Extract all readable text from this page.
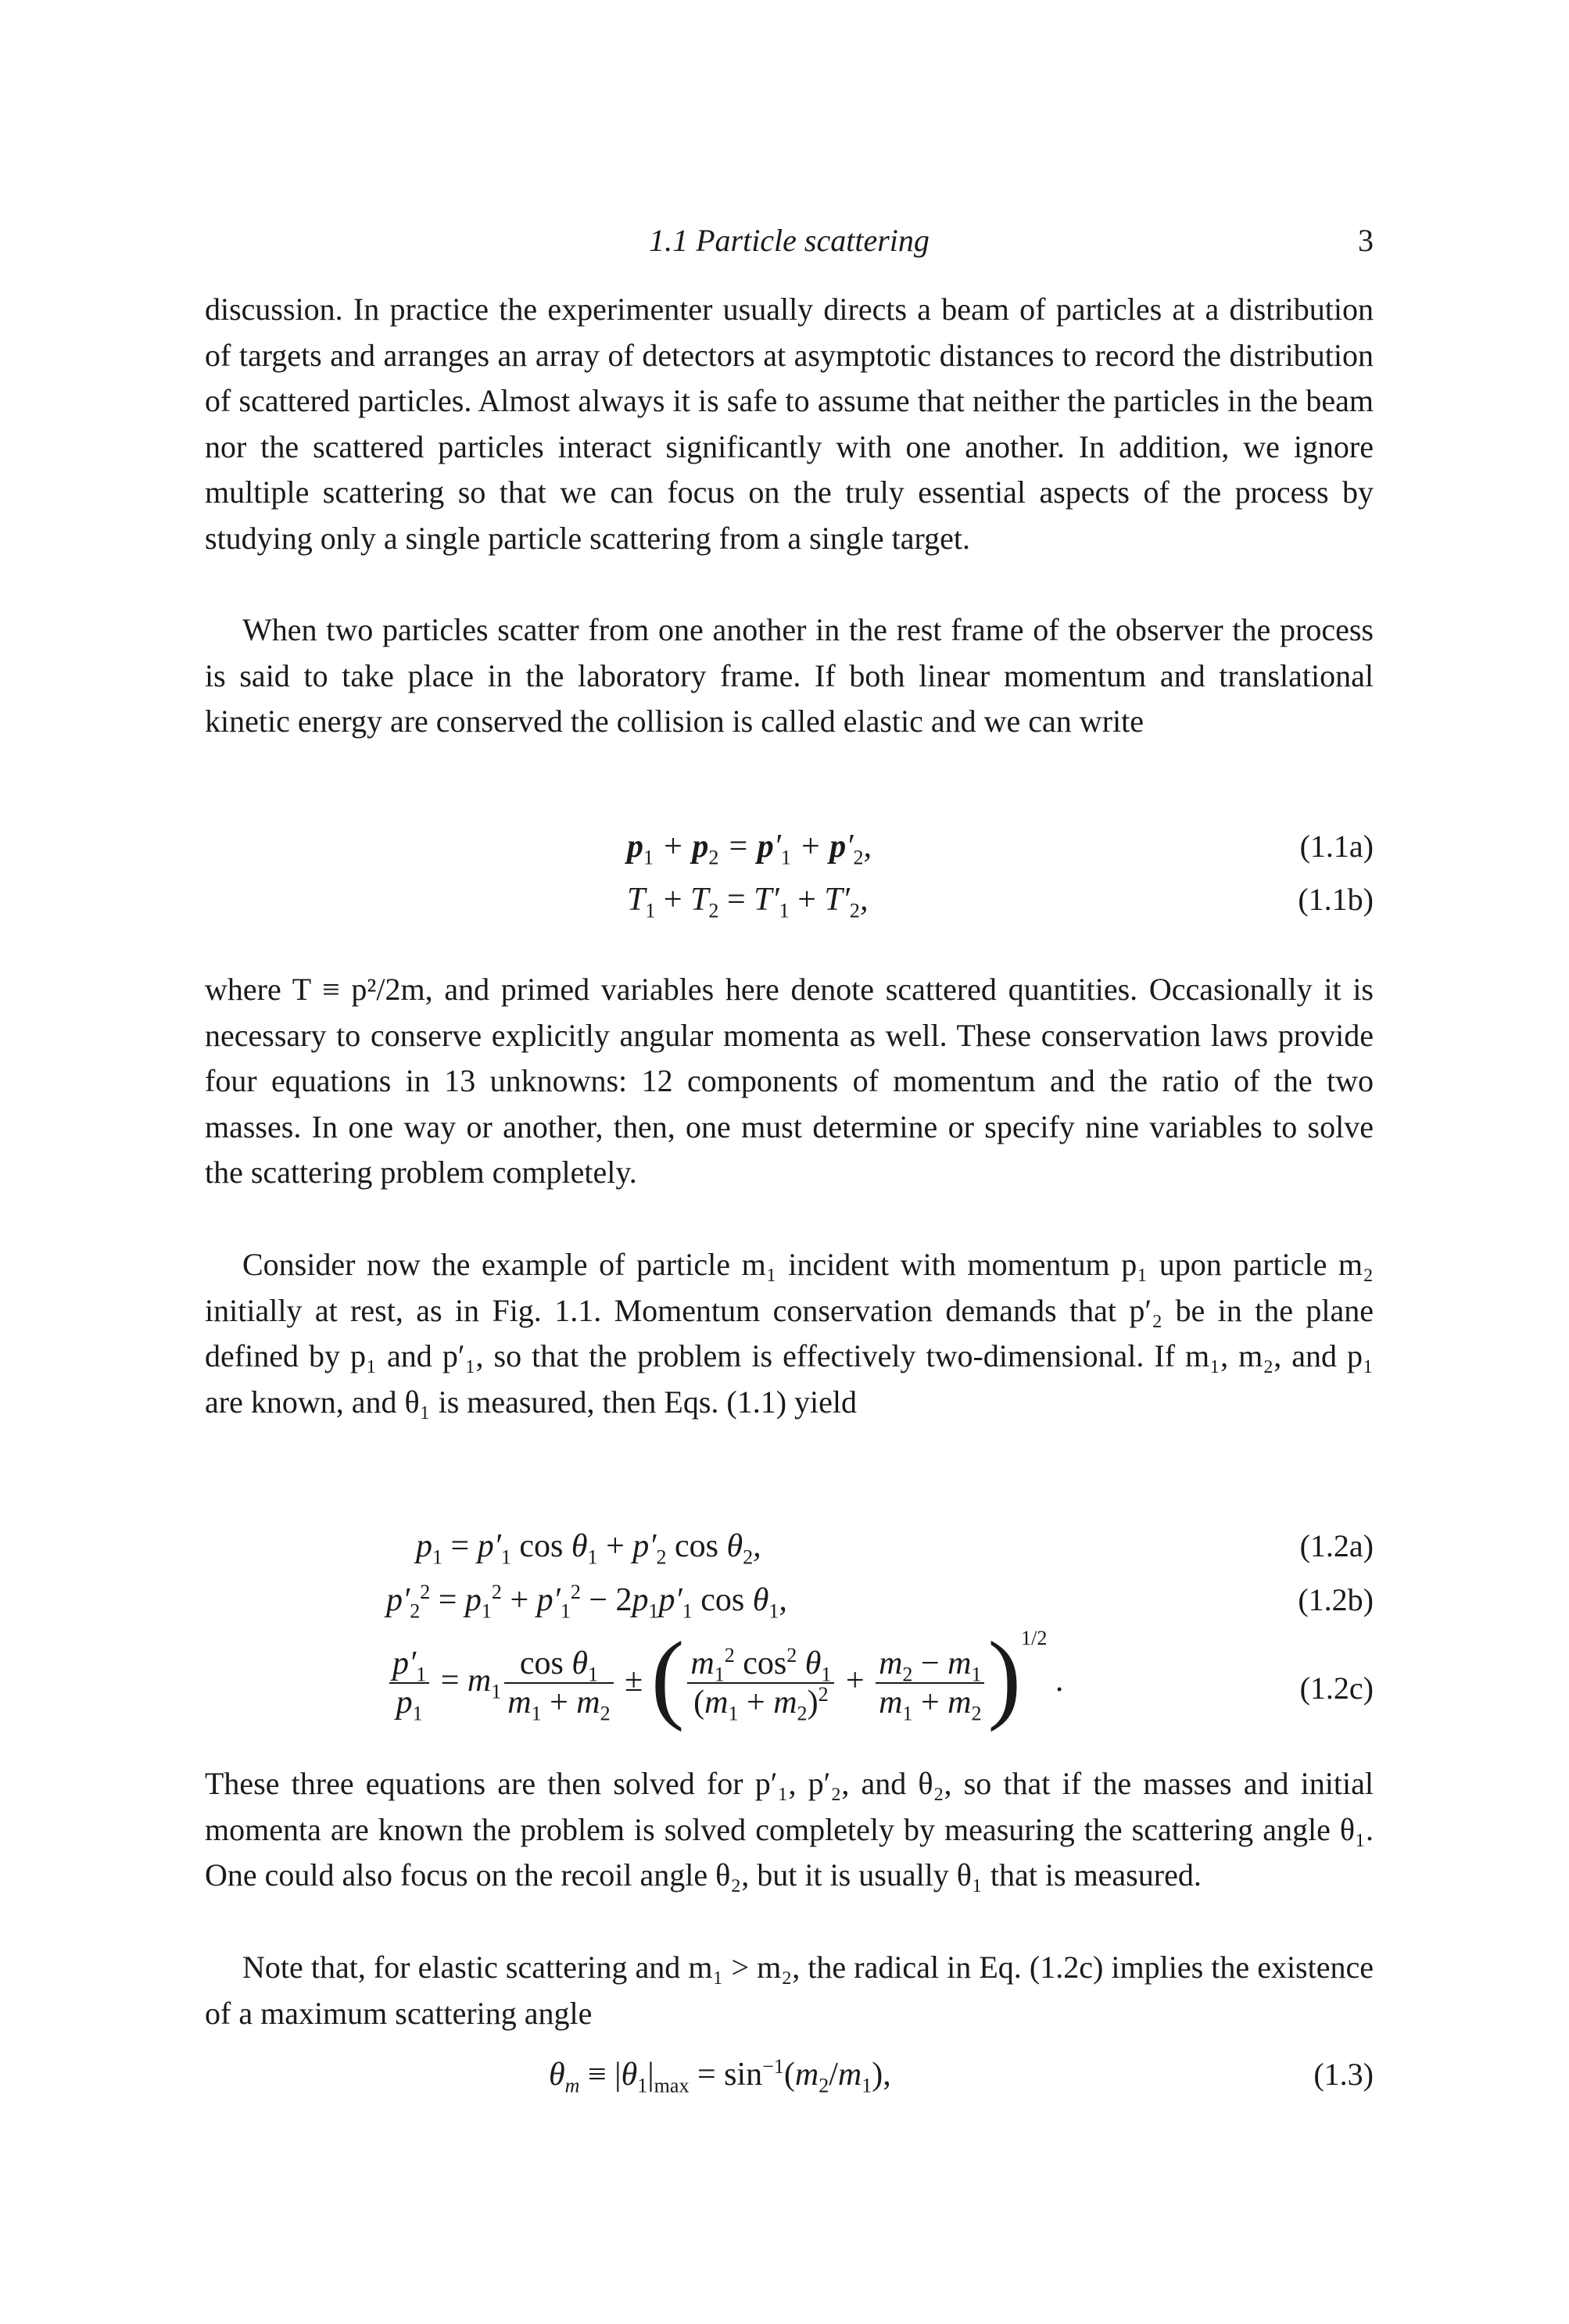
1.1 Particle scattering	3

discussion. In practice the experimenter usually directs a beam of particles at a distribution of targets and arranges an array of detectors at asymptotic distances to record the distribution of scattered particles. Almost always it is safe to assume that neither the particles in the beam nor the scattered particles interact significantly with one another. In addition, we ignore multiple scattering so that we can focus on the truly essential aspects of the process by studying only a single particle scattering from a single target.

When two particles scatter from one another in the rest frame of the observer the process is said to take place in the laboratory frame. If both linear momentum and translational kinetic energy are conserved the collision is called elastic and we can write

$p_1 + p_2 = p'_1 + p'_2$,	(1.1a)
$T_1 + T_2 = T'_1 + T'_2$,	(1.1b)

where T ≡ p²/2m, and primed variables here denote scattered quantities. Occasionally it is necessary to conserve explicitly angular momenta as well. These conservation laws provide four equations in 13 unknowns: 12 components of momentum and the ratio of the two masses. In one way or another, then, one must determine or specify nine variables to solve the scattering problem completely.

Consider now the example of particle m₁ incident with momentum p₁ upon particle m₂ initially at rest, as in Fig. 1.1. Momentum conservation demands that p′₂ be in the plane defined by p₁ and p′₁, so that the problem is effectively two-dimensional. If m₁, m₂, and p₁ are known, and θ₁ is measured, then Eqs. (1.1) yield

$p_1 = p'_1$ $\cos \theta_1 + p'_2$ $\cos \theta_2$,	(1.2a)
$p'_2^2 = p_1^2 + p'_1^2 - 2p_1p'_1$ $\cos \theta_1$,	(1.2b)
$\frac{p'_1}{p_1} = m_1 \frac{\cos \theta_1}{m_1 + m_2}$ ± ( $\frac{m_1^2 \cos^2 \theta_1}{(m_1 + m_2)^2} + \frac{m_2 - m_1}{m_1 + m_2} )^{1/2}$ .	(1.2c)

These three equations are then solved for p′₁, p′₂, and θ₂, so that if the masses and initial momenta are known the problem is solved completely by measuring the scattering angle θ₁. One could also focus on the recoil angle θ₂, but it is usually θ₁ that is measured.

Note that, for elastic scattering and m₁ > m₂, the radical in Eq. (1.2c) implies the existence of a maximum scattering angle

$\theta_m \equiv |\theta_1|_{max} = \sin^{-1}(m_2/m_1)$,	(1.3)
